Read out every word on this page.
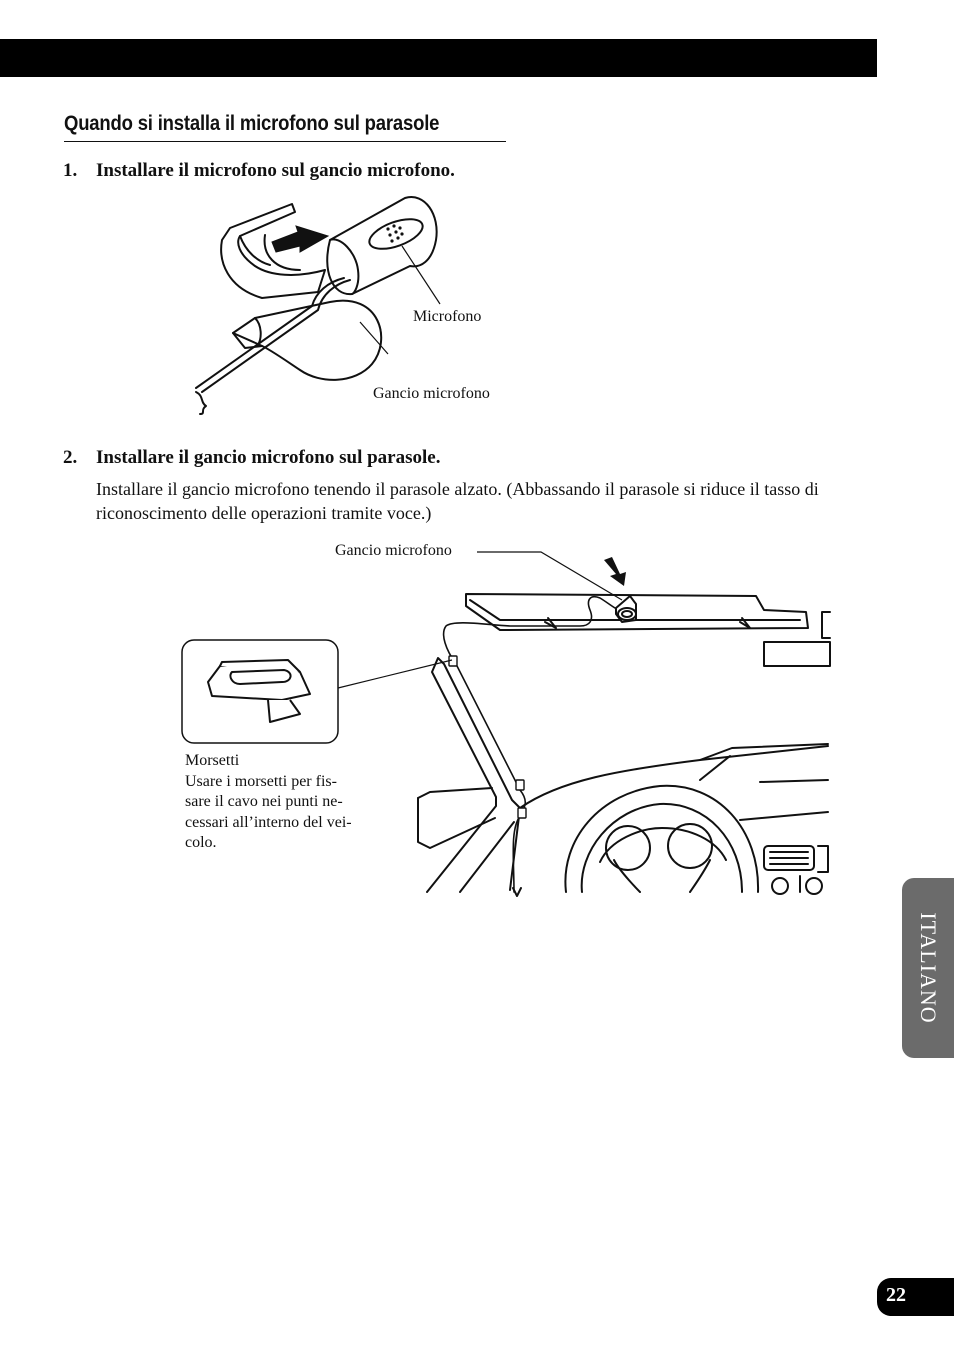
Quando si installa il microfono sul parasole
1. Installare il microfono sul gancio microfono.
Microfono
Gancio microfono
2. Installare il gancio microfono sul parasole.
Installare il gancio microfono tenendo il parasole alzato. (Abbassando il parasole si riduce il tasso di riconoscimento delle operazioni tramite voce.)
Gancio microfono
Morsetti
Usare i morsetti per fis-
sare il cavo nei punti ne-
cessari all’interno del vei-
colo.
ITALIANO
22
